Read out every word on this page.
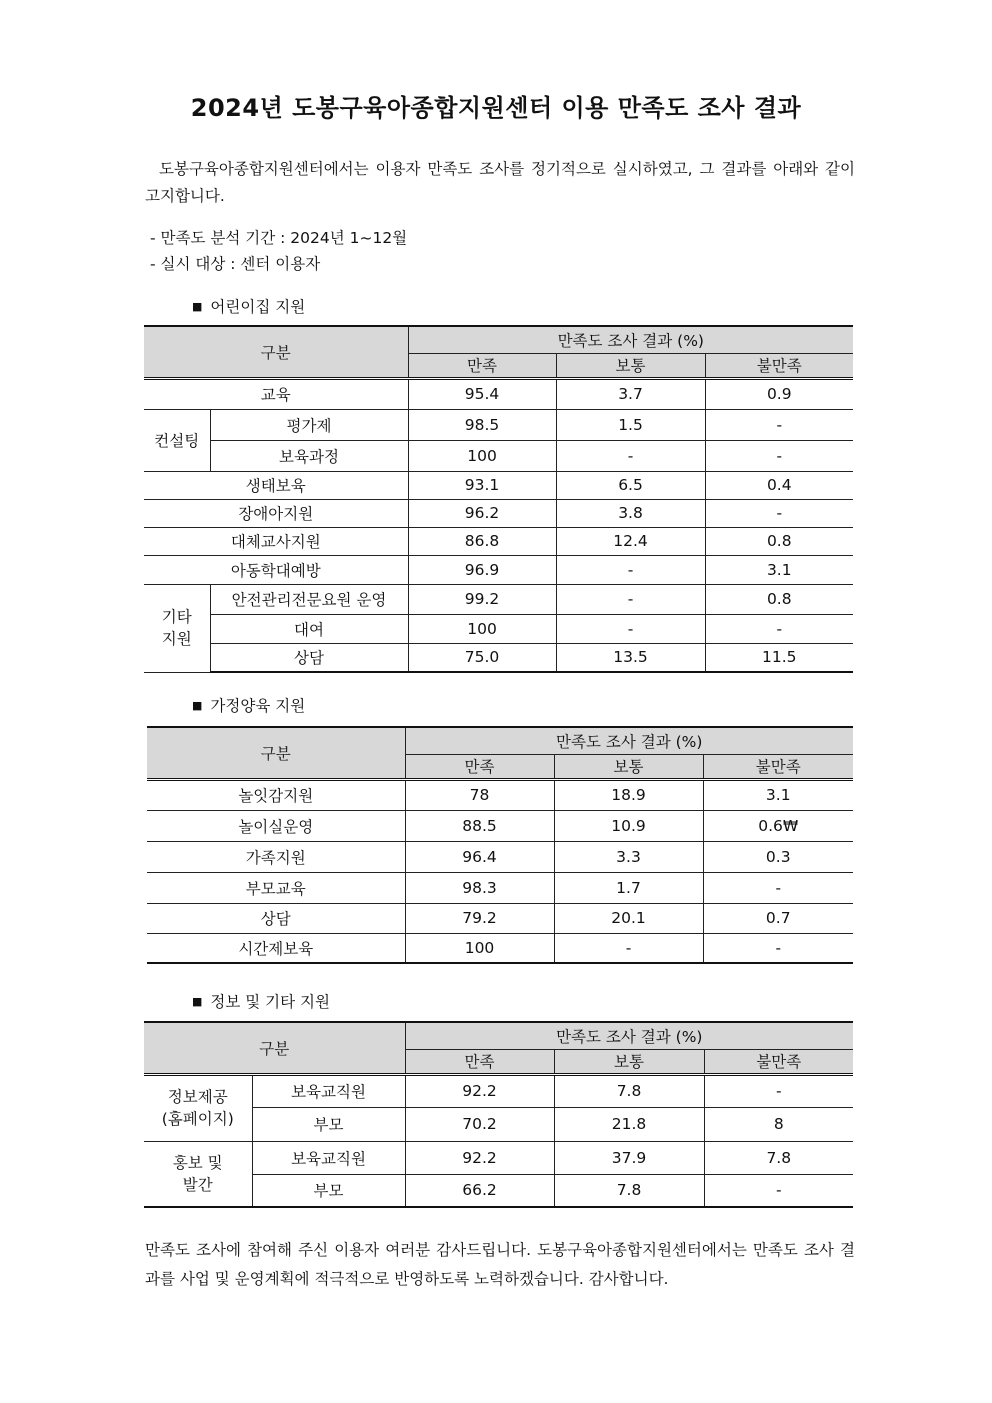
2024년 도봉구육아종합지원센터 이용 만족도 조사 결과
도봉구육아종합지원센터에서는 이용자 만족도 조사를 정기적으로 실시하였고, 그 결과를 아래와 같이 고지합니다.
- 만족도 분석 기간 : 2024년 1~12월
- 실시 대상 : 센터 이용자
■ 어린이집 지원
구분		만족도 조사 결과 (%)		
		만족	보통	불만족
교육		95.4	3.7	0.9
컨설팅	평가제	98.5	1.5	-
	보육과정	100	-	-
생태보육		93.1	6.5	0.4
장애아지원		96.2	3.8	-
대체교사지원		86.8	12.4	0.8
아동학대예방		96.9	-	3.1
기타
지원	안전관리전문요원 운영	99.2	-	0.8
	대여	100	-	-
	상담	75.0	13.5	11.5
■ 가정양육 지원
구분	만족도 조사 결과 (%)		
	만족	보통	불만족
놀잇감지원	78	18.9	3.1
놀이실운영	88.5	10.9	0.6₩
가족지원	96.4	3.3	0.3
부모교육	98.3	1.7	-
상담	79.2	20.1	0.7
시간제보육	100	-	-
■ 정보 및 기타 지원
구분		만족도 조사 결과 (%)		
		만족	보통	불만족
정보제공
(홈페이지)	보육교직원	92.2	7.8	-
	부모	70.2	21.8	8
홍보 및
발간	보육교직원	92.2	37.9	7.8
	부모	66.2	7.8	-
만족도 조사에 참여해 주신 이용자 여러분 감사드립니다. 도봉구육아종합지원센터에서는 만족도 조사 결과를 사업 및 운영계획에 적극적으로 반영하도록 노력하겠습니다. 감사합니다.
